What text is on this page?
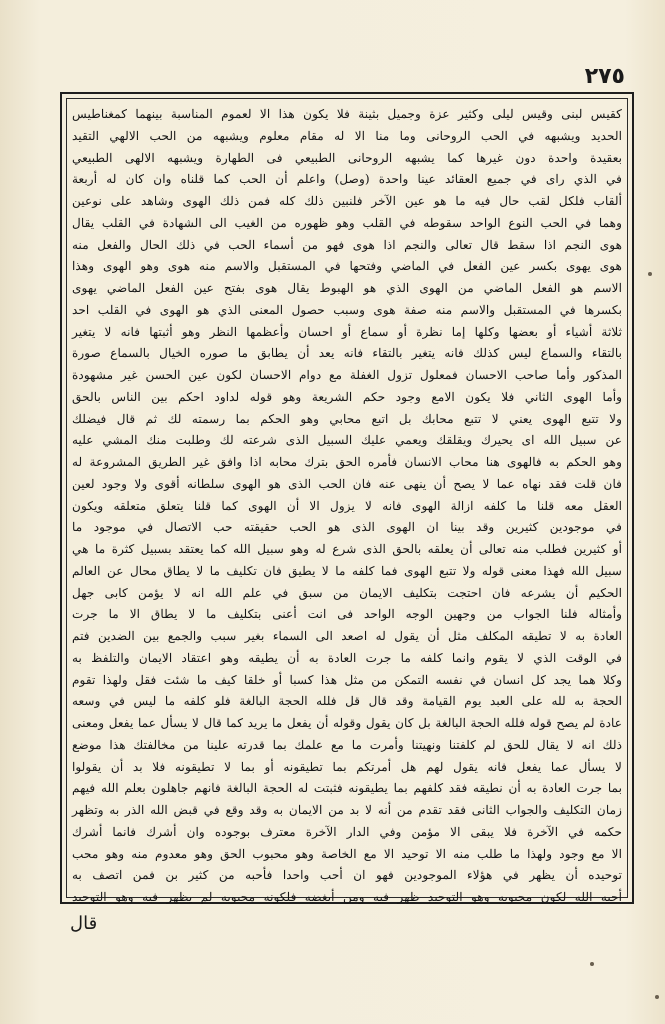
٢٧٥
كقيس لبنى وقيس ليلى وكثير عزة وجميل بثينة فلا يكون هذا الا لعموم المناسبة بينهما كمغناطيس
الحديد ويشبهه في الحب الروحانى وما منا الا له مقام معلوم ويشبهه من الحب الالهي التقيد
بعقيدة واحدة دون غيرها كما يشبهه الروحانى الطبيعي فى الطهارة ويشبهه الالهى الطبيعي
في الذي راى في جميع العقائد عينا واحدة (وصل) واعلم أن الحب كما قلناه وان كان له أربعة
ألقاب فلكل لقب حال فيه ما هو عين الآخر فلنبين ذلك كله فمن ذلك الهوى وشاهد على نوعين
وهما في الحب النوع الواحد سقوطه في القلب وهو ظهوره من الغيب الى الشهادة في القلب يقال
هوى النجم اذا سقط قال تعالى والنجم اذا هوى فهو من أسماء الحب في ذلك الحال والفعل منه
هوى يهوى بكسر عين الفعل في الماضي وفتحها في المستقبل والاسم منه هوى وهو الهوى وهذا
الاسم هو الفعل الماضي من الهوى الذي هو الهبوط يقال هوى بفتح عين الفعل الماضي يهوى
بكسرها في المستقبل والاسم منه صفة هوى وسبب حصول المعنى الذي هو الهوى في القلب احد
ثلاثة أشياء أو بعضها وكلها إما نظرة أو سماع أو احسان وأعظمها النظر وهو أثبتها فانه لا يتغير
بالتقاء والسماع ليس كذلك فانه يتغير بالتقاء فانه يعد أن يطابق ما صوره الخيال بالسماع صورة
المذكور وأما صاحب الاحسان فمعلول تزول الغفلة مع دوام الاحسان لكون عين الحسن غير مشهودة
وأما الهوى الثاني فلا يكون الامع وجود حكم الشريعة وهو قوله لداود احكم بين الناس بالحق
ولا تتبع الهوى يعني لا تتبع محابك بل اتبع محابي وهو الحكم بما رسمته لك ثم قال فيضلك
عن سبيل الله اى يحيرك ويقلقك ويعمي عليك السبيل الذى شرعته لك وطلبت منك المشي عليه
وهو الحكم به فالهوى هنا محاب الانسان فأمره الحق بترك محابه اذا وافق غير الطريق المشروعة له
فان قلت فقد نهاه عما لا يصح أن ينهى عنه فان الحب الذى هو الهوى سلطانه أقوى ولا وجود لعين
العقل معه قلنا ما كلفه ازالة الهوى فانه لا يزول الا أن الهوى كما قلنا يتعلق متعلقه ويكون
في موجودين كثيرين وقد بينا ان الهوى الذى هو الحب حقيقته حب الاتصال في موجود ما
أو كثيرين فطلب منه تعالى أن يعلقه بالحق الذى شرع له وهو سبيل الله كما يعتقد بسبيل كثرة ما هي
سبيل الله فهذا معنى قوله ولا تتبع الهوى فما كلفه ما لا يطيق فان تكليف ما لا يطاق محال عن العالم
الحكيم أن يشرعه فان احتجت بتكليف الايمان من سبق في علم الله انه لا يؤمن كابى جهل
وأمثاله فلنا الجواب من وجهين الوجه الواحد فى انت أعنى بتكليف ما لا يطاق الا ما جرت
العادة به لا تطيقه المكلف مثل أن يقول له اصعد الى السماء بغير سبب والجمع بين الضدين فتم
في الوقت الذي لا يقوم وانما كلفه ما جرت العادة به أن يطيقه وهو اعتقاد الايمان والتلفظ به
وكلا هما يجد كل انسان في نفسه التمكن من مثل هذا كسبا أو خلقا كيف ما شئت فقل ولهذا تقوم
الحجة به لله على العبد يوم القيامة وقد قال قل فلله الحجة البالغة فلو كلفه ما ليس في وسعه
عادة لم يصح قوله فلله الحجة البالغة بل كان يقول وقوله أن يفعل ما يريد كما قال لا يسأل عما يفعل ومعنى
ذلك انه لا يقال للحق لم كلفتنا ونهيتنا وأمرت ما مع علمك بما قدرته علينا من مخالفتك هذا موضع
لا يسأل عما يفعل فانه يقول لهم هل أمرتكم بما تطيقونه أو بما لا تطيقونه فلا بد أن يقولوا
بما جرت العادة به أن نطيقه فقد كلفهم بما يطيقونه فثبتت له الحجة البالغة فانهم جاهلون بعلم الله فيهم
زمان التكليف والجواب الثانى فقد تقدم من أنه لا بد من الايمان به وقد وقع في قبض الله الذر به وتظهر
حكمه في الآخرة فلا يبقى الا مؤمن وفي الدار الآخرة معترف بوجوده وان أشرك فانما أشرك
الا مع وجود ولهذا ما طلب منه الا توحيد الا مع الخاصة وهو محبوب الحق وهو معدوم منه وهو محب
توحيده أن يظهر في هؤلاء الموجودين فهو ان أحب واحدا فأحبه من كثير بن فمن اتصف به
أحبه الله لكون محبوبه وهو التوحيد ظهر فيه ومن أبغضه فلكونه محبوبه لم يظهر فيه وهو التوحيد
قال
